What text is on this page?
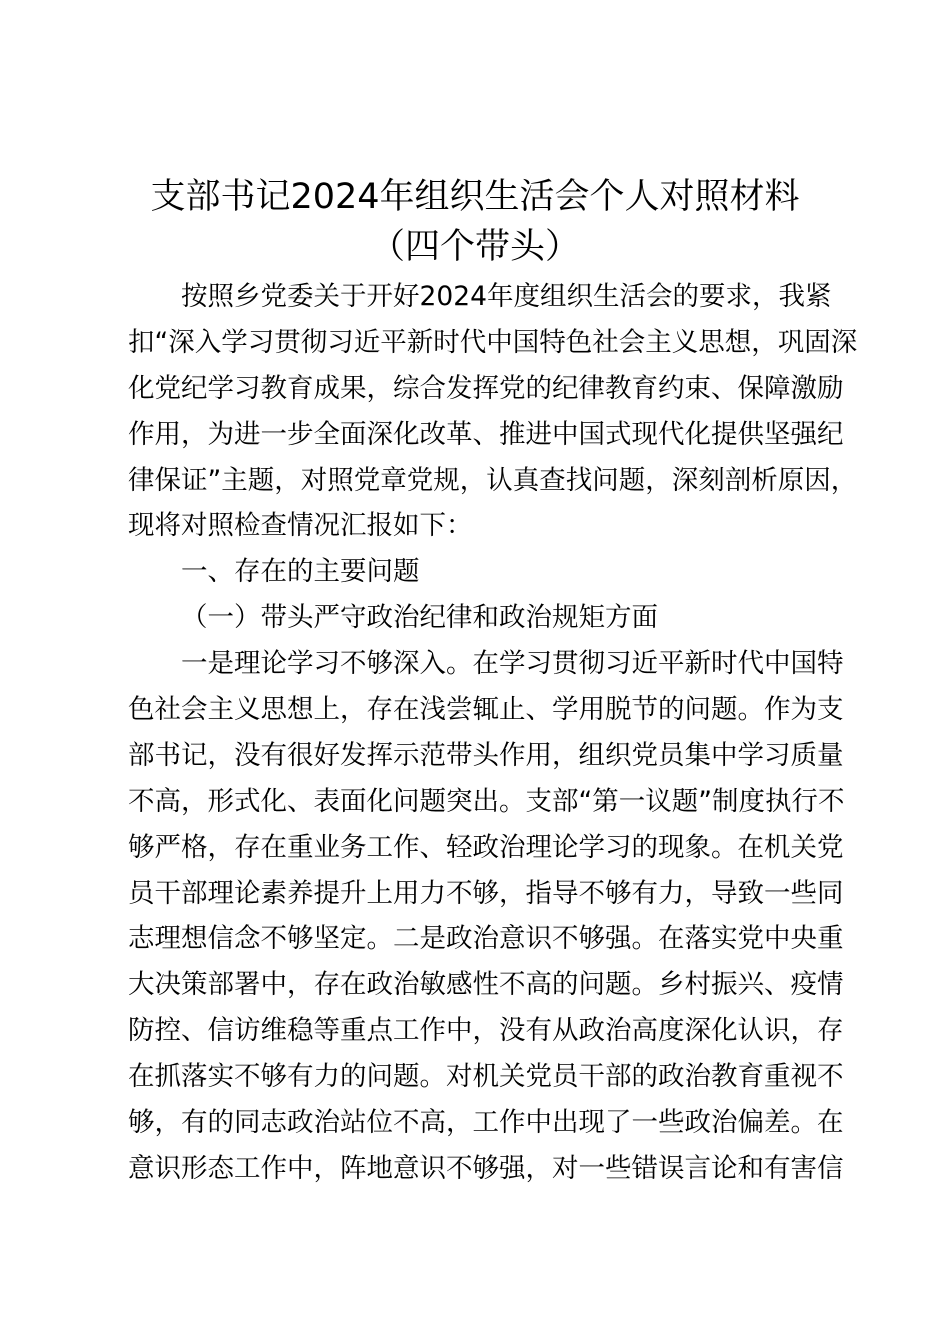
支部书记2024年组织生活会个人对照材料
（四个带头）
按照乡党委关于开好2024年度组织生活会的要求，我紧
扣“深入学习贯彻习近平新时代中国特色社会主义思想，巩固深
化党纪学习教育成果，综合发挥党的纪律教育约束、保障激励
作用，为进一步全面深化改革、推进中国式现代化提供坚强纪
律保证”主题，对照党章党规，认真查找问题，深刻剖析原因，
现将对照检查情况汇报如下：
一、存在的主要问题
（一）带头严守政治纪律和政治规矩方面
一是理论学习不够深入。在学习贯彻习近平新时代中国特
色社会主义思想上，存在浅尝辄止、学用脱节的问题。作为支
部书记，没有很好发挥示范带头作用，组织党员集中学习质量
不高，形式化、表面化问题突出。支部“第一议题”制度执行不
够严格，存在重业务工作、轻政治理论学习的现象。在机关党
员干部理论素养提升上用力不够，指导不够有力，导致一些同
志理想信念不够坚定。二是政治意识不够强。在落实党中央重
大决策部署中，存在政治敏感性不高的问题。乡村振兴、疫情
防控、信访维稳等重点工作中，没有从政治高度深化认识，存
在抓落实不够有力的问题。对机关党员干部的政治教育重视不
够，有的同志政治站位不高，工作中出现了一些政治偏差。在
意识形态工作中，阵地意识不够强，对一些错误言论和有害信
